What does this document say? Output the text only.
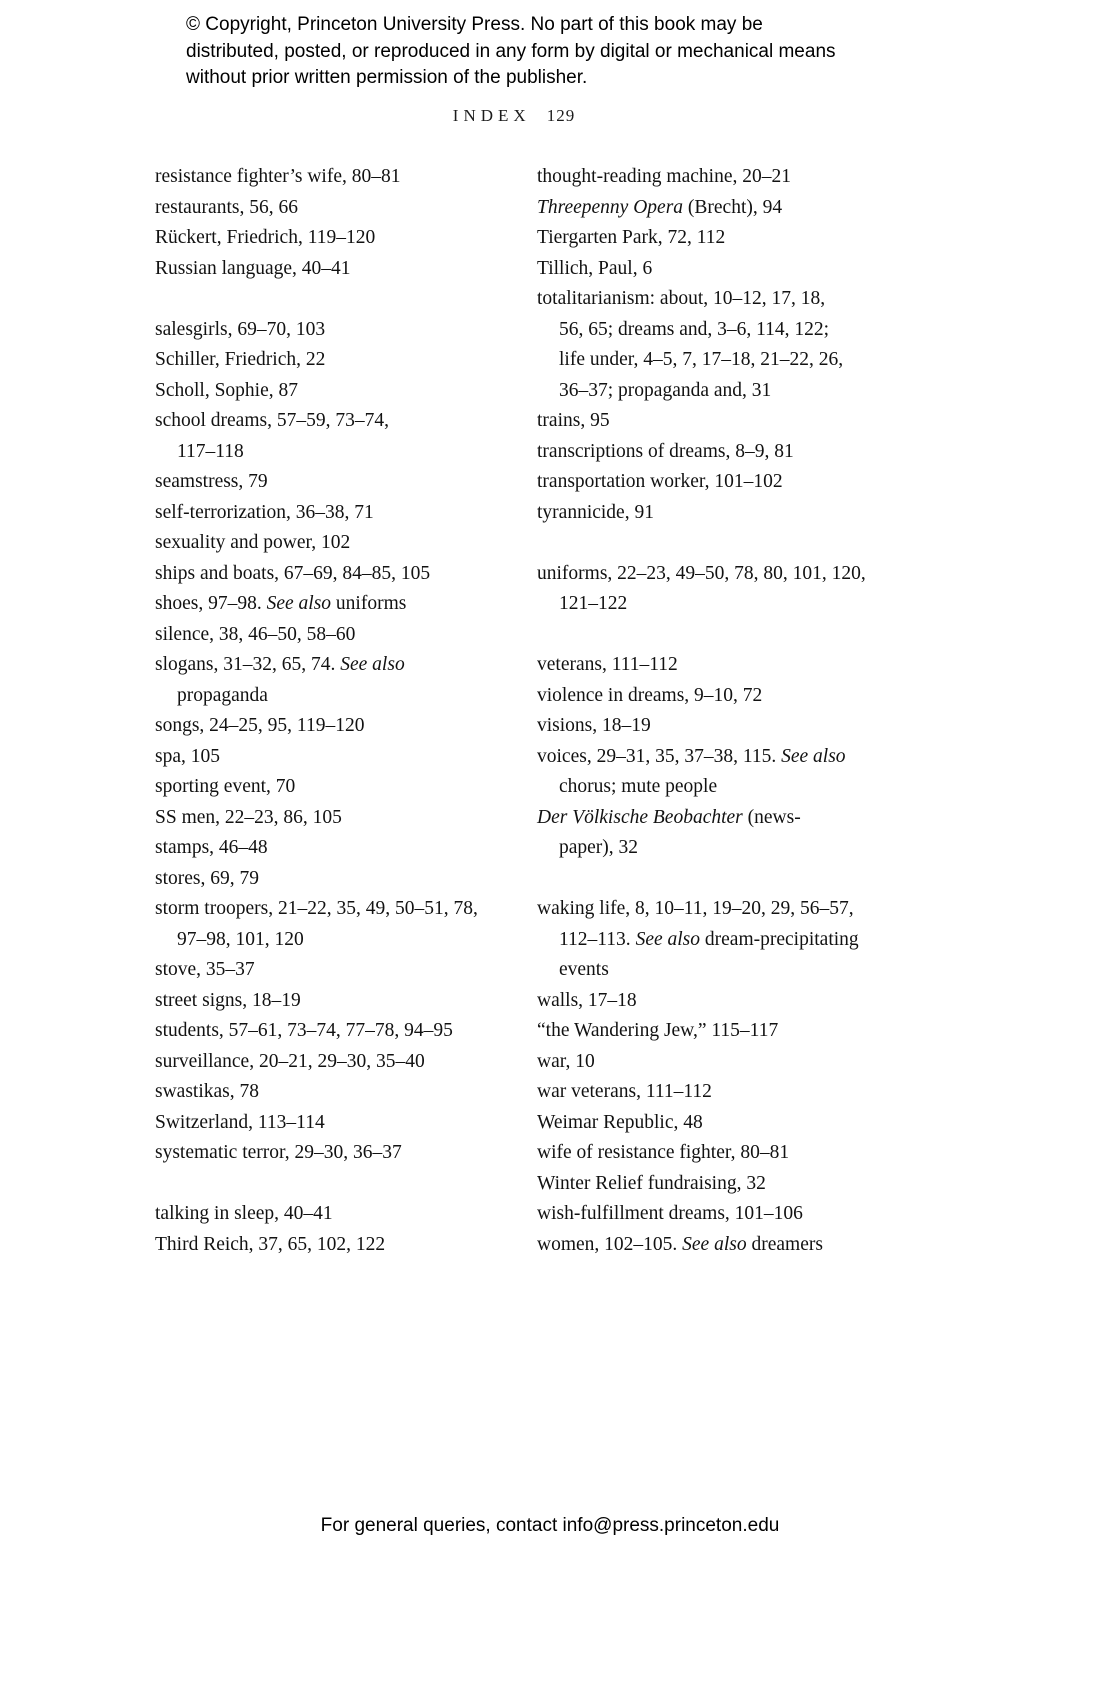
© Copyright, Princeton University Press. No part of this book may be distributed, posted, or reproduced in any form by digital or mechanical means without prior written permission of the publisher.
INDEX 129
resistance fighter’s wife, 80–81
restaurants, 56, 66
Rückert, Friedrich, 119–120
Russian language, 40–41
salesgirls, 69–70, 103
Schiller, Friedrich, 22
Scholl, Sophie, 87
school dreams, 57–59, 73–74,
117–118
seamstress, 79
self-terrorization, 36–38, 71
sexuality and power, 102
ships and boats, 67–69, 84–85, 105
shoes, 97–98. See also uniforms
silence, 38, 46–50, 58–60
slogans, 31–32, 65, 74. See also
propaganda
songs, 24–25, 95, 119–120
spa, 105
sporting event, 70
SS men, 22–23, 86, 105
stamps, 46–48
stores, 69, 79
storm troopers, 21–22, 35, 49, 50–51, 78,
97–98, 101, 120
stove, 35–37
street signs, 18–19
students, 57–61, 73–74, 77–78, 94–95
surveillance, 20–21, 29–30, 35–40
swastikas, 78
Switzerland, 113–114
systematic terror, 29–30, 36–37
talking in sleep, 40–41
Third Reich, 37, 65, 102, 122
thought-reading machine, 20–21
Threepenny Opera (Brecht), 94
Tiergarten Park, 72, 112
Tillich, Paul, 6
totalitarianism: about, 10–12, 17, 18,
56, 65; dreams and, 3–6, 114, 122;
life under, 4–5, 7, 17–18, 21–22, 26,
36–37; propaganda and, 31
trains, 95
transcriptions of dreams, 8–9, 81
transportation worker, 101–102
tyrannicide, 91
uniforms, 22–23, 49–50, 78, 80, 101, 120,
121–122
veterans, 111–112
violence in dreams, 9–10, 72
visions, 18–19
voices, 29–31, 35, 37–38, 115. See also
chorus; mute people
Der Völkische Beobachter (news-
paper), 32
waking life, 8, 10–11, 19–20, 29, 56–57,
112–113. See also dream-precipitating
events
walls, 17–18
“the Wandering Jew,” 115–117
war, 10
war veterans, 111–112
Weimar Republic, 48
wife of resistance fighter, 80–81
Winter Relief fundraising, 32
wish-fulfillment dreams, 101–106
women, 102–105. See also dreamers
For general queries, contact info@press.princeton.edu
